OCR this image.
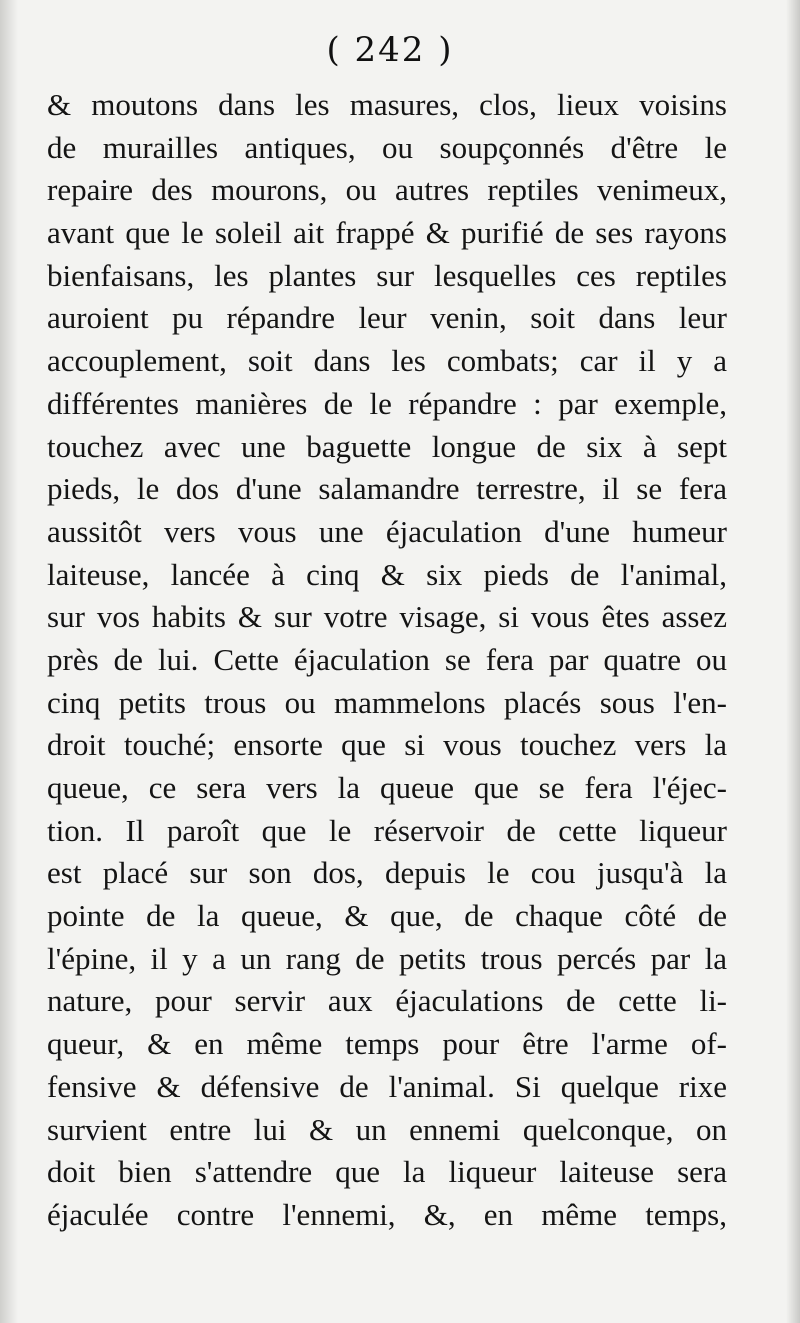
( 242 )
& moutons dans les masures, clos, lieux voisins
de murailles antiques, ou soupçonnés d'être le
repaire des mourons, ou autres reptiles venimeux,
avant que le soleil ait frappé & purifié de ses rayons
bienfaisans, les plantes sur lesquelles ces reptiles
auroient pu répandre leur venin, soit dans leur
accouplement, soit dans les combats; car il y a
différentes manières de le répandre : par exemple,
touchez avec une baguette longue de six à sept
pieds, le dos d'une salamandre terrestre, il se fera
aussitôt vers vous une éjaculation d'une humeur
laiteuse, lancée à cinq & six pieds de l'animal,
sur vos habits & sur votre visage, si vous êtes assez
près de lui. Cette éjaculation se fera par quatre ou
cinq petits trous ou mammelons placés sous l'en-
droit touché; ensorte que si vous touchez vers la
queue, ce sera vers la queue que se fera l'éjec-
tion. Il paroît que le réservoir de cette liqueur
est placé sur son dos, depuis le cou jusqu'à la
pointe de la queue, & que, de chaque côté de
l'épine, il y a un rang de petits trous percés par la
nature, pour servir aux éjaculations de cette li-
queur, & en même temps pour être l'arme of-
fensive & défensive de l'animal. Si quelque rixe
survient entre lui & un ennemi quelconque, on
doit bien s'attendre que la liqueur laiteuse sera
éjaculée contre l'ennemi, &, en même temps,
